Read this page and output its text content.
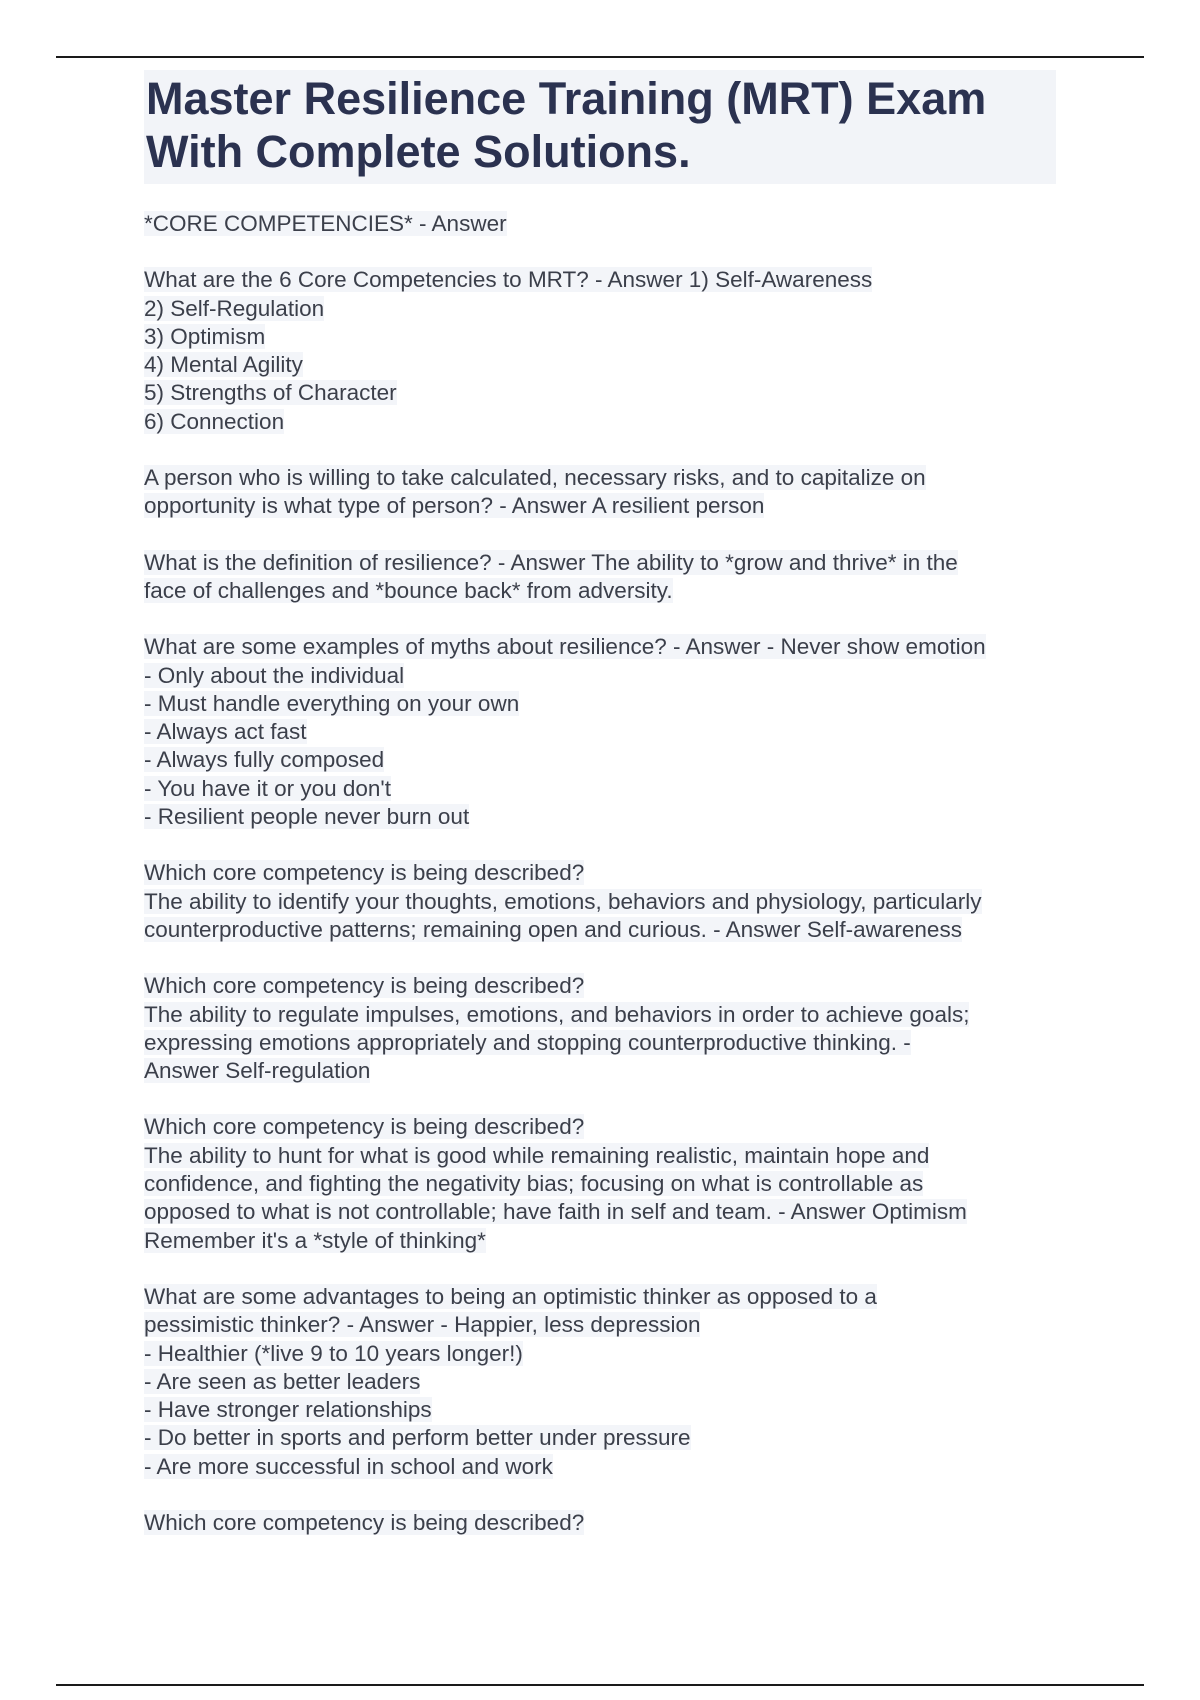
Master Resilience Training (MRT) Exam
With Complete Solutions.
*CORE COMPETENCIES* - Answer
What are the 6 Core Competencies to MRT? - Answer 1) Self-Awareness
2) Self-Regulation
3) Optimism
4) Mental Agility
5) Strengths of Character
6) Connection
A person who is willing to take calculated, necessary risks, and to capitalize on
opportunity is what type of person? - Answer A resilient person
What is the definition of resilience? - Answer The ability to *grow and thrive* in the
face of challenges and *bounce back* from adversity.
What are some examples of myths about resilience? - Answer - Never show emotion
- Only about the individual
- Must handle everything on your own
- Always act fast
- Always fully composed
- You have it or you don't
- Resilient people never burn out
Which core competency is being described?
The ability to identify your thoughts, emotions, behaviors and physiology, particularly
counterproductive patterns; remaining open and curious. - Answer Self-awareness
Which core competency is being described?
The ability to regulate impulses, emotions, and behaviors in order to achieve goals;
expressing emotions appropriately and stopping counterproductive thinking. -
Answer Self-regulation
Which core competency is being described?
The ability to hunt for what is good while remaining realistic, maintain hope and
confidence, and fighting the negativity bias; focusing on what is controllable as
opposed to what is not controllable; have faith in self and team. - Answer Optimism
Remember it's a *style of thinking*
What are some advantages to being an optimistic thinker as opposed to a
pessimistic thinker? - Answer - Happier, less depression
- Healthier (*live 9 to 10 years longer!)
- Are seen as better leaders
- Have stronger relationships
- Do better in sports and perform better under pressure
- Are more successful in school and work
Which core competency is being described?
